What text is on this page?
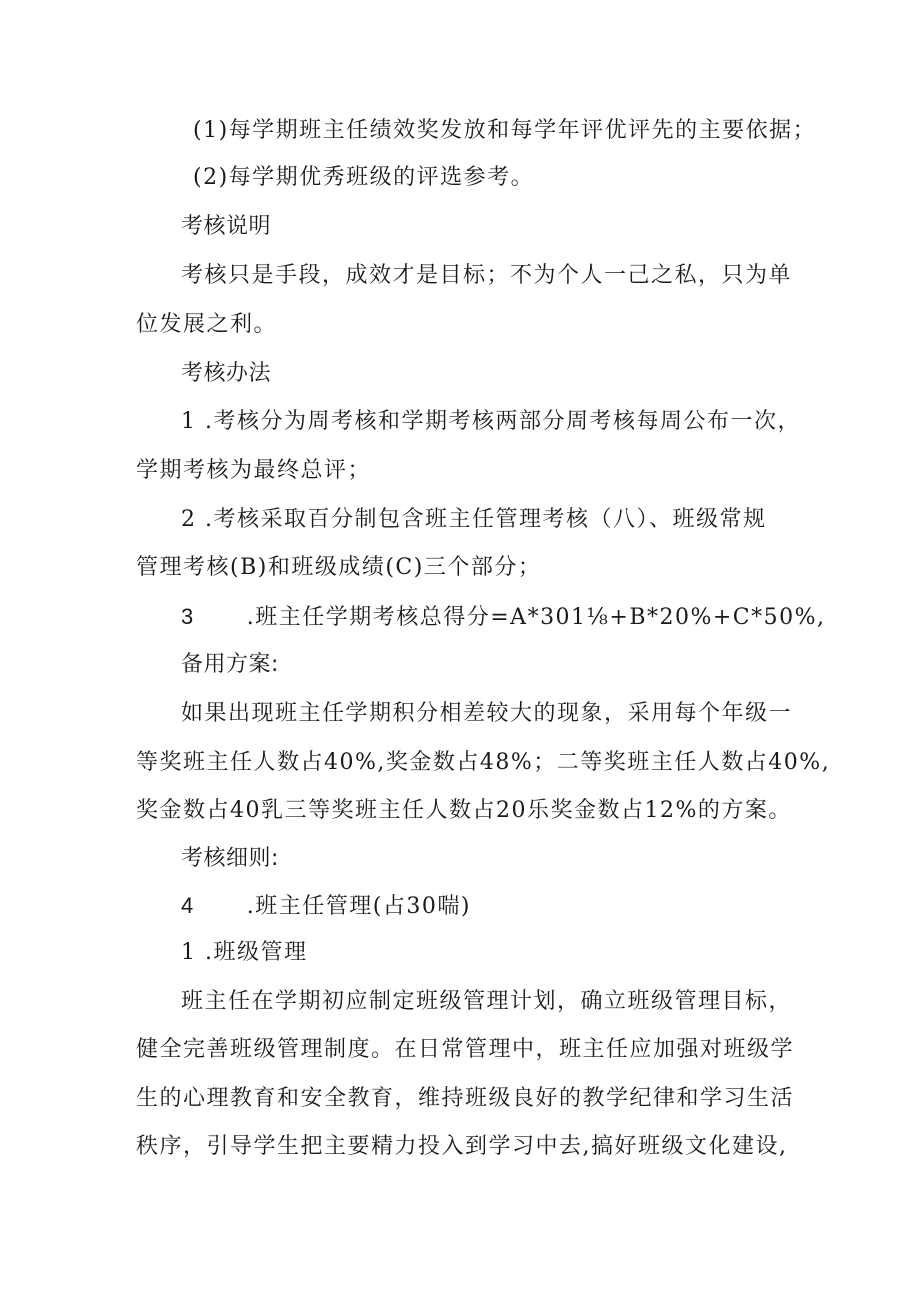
(1)每学期班主任绩效奖发放和每学年评优评先的主要依据；
(2)每学期优秀班级的评选参考。
考核说明
考核只是手段，成效才是目标；不为个人一己之私，只为单
位发展之利。
考核办法
1 .考核分为周考核和学期考核两部分周考核每周公布一次，
学期考核为最终总评；
2 .考核采取百分制包含班主任管理考核（八）、班级常规
管理考核(B)和班级成绩(C)三个部分；
3 .班主任学期考核总得分=A*301⅛+B*20%+C*50%,
备用方案:
如果出现班主任学期积分相差较大的现象，采用每个年级一
等奖班主任人数占40%,奖金数占48%；二等奖班主任人数占40%,
奖金数占40乳三等奖班主任人数占20乐奖金数占12%的方案。
考核细则:
4 .班主任管理(占30喘)
1 .班级管理
班主任在学期初应制定班级管理计划，确立班级管理目标，
健全完善班级管理制度。在日常管理中，班主任应加强对班级学
生的心理教育和安全教育，维持班级良好的教学纪律和学习生活
秩序，引导学生把主要精力投入到学习中去,搞好班级文化建设,
